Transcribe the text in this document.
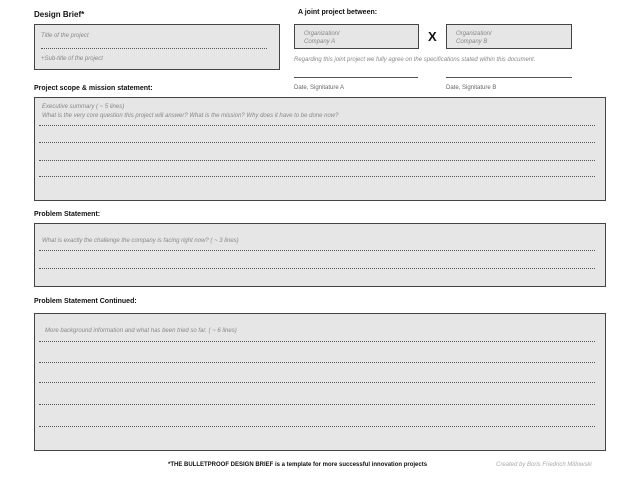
Design Brief*	A joint project between:
Title of the project
+Sub-title of the project
Organization/
Company A	X	Organization/
Company B
Regarding this joint project we fully agree on the specifications stated within this document.
Date, Signitature A	Date, Signitature B
Project scope & mission statement:
Executive summary ( ~ 5 lines)
What is the very core question this project will answer? What is the mission? Why does it have to be done now?
Problem Statement:
What is exactly the challenge the company is facing right now? ( ~ 3 lines)
Problem Statement Continued:
More background information and what has been tried so far. ( ~ 6 lines)
*THE BULLETPROOF DESIGN BRIEF is a template for more successful innovation projects	Created by Boris Friedrich Mitlowski
